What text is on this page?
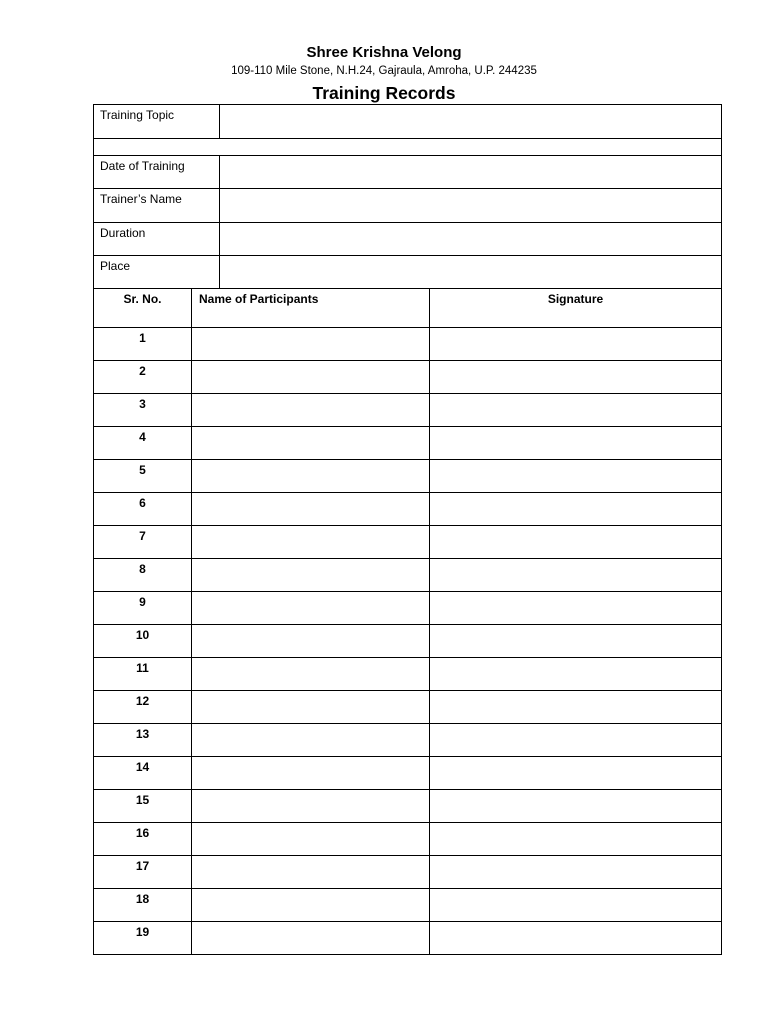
Shree Krishna Velong
109-110 Mile Stone, N.H.24, Gajraula, Amroha, U.P. 244235
Training Records
Training Topic	

Date of Training	
Trainer’s Name	
Duration	
Place	
Sr. No.	Name of Participants	Signature
1		
2		
3		
4		
5		
6		
7		
8		
9		
10		
11		
12		
13		
14		
15		
16		
17		
18		
19		
